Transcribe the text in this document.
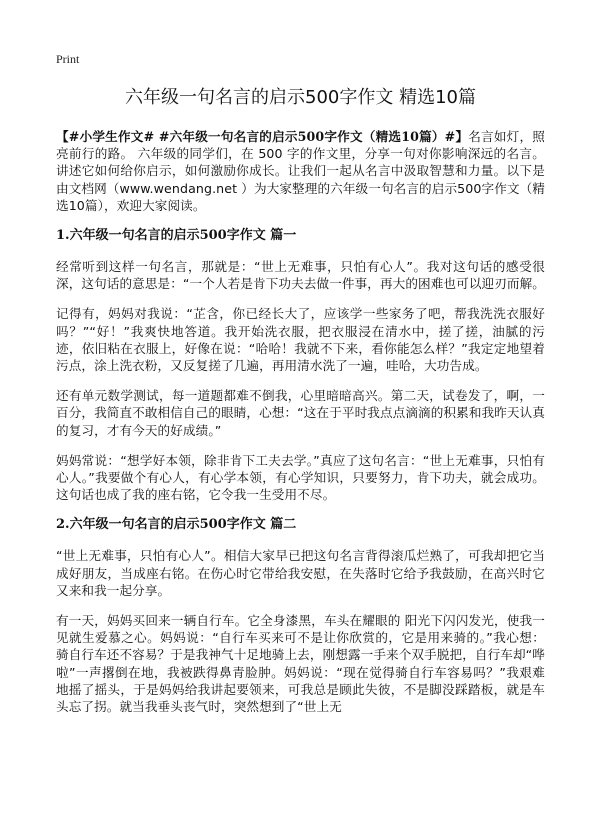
Print
六年级一句名言的启示500字作文 精选10篇

【#小学生作文# #六年级一句名言的启示500字作文（精选10篇）#】名言如灯，照亮前行的路。 六年级的同学们，在 500 字的作文里，分享一句对你影响深远的名言。讲述它如何给你启示，如何激励你成长。让我们一起从名言中汲取智慧和力量。以下是由文档网（www.wendang.net ）为大家整理的六年级一句名言的启示500字作文（精选10篇），欢迎大家阅读。

1.六年级一句名言的启示500字作文 篇一

经常听到这样一句名言，那就是：“世上无难事，只怕有心人”。我对这句话的感受很深，这句话的意思是：“一个人若是肯下功夫去做一件事，再大的困难也可以迎刃而解。

记得有，妈妈对我说：“芷含，你已经长大了，应该学一些家务了吧，帮我洗洗衣服好吗？”“好！”我爽快地答道。我开始洗衣服，把衣服浸在清水中，搓了搓，油腻的污迹，依旧粘在衣服上，好像在说：“哈哈！我就不下来，看你能怎么样？”我定定地望着污点，涂上洗衣粉，又反复搓了几遍，再用清水洗了一遍，哇哈，大功告成。

还有单元数学测试，每一道题都难不倒我，心里暗暗高兴。第二天，试卷发了，啊，一百分，我简直不敢相信自己的眼睛，心想：“这在于平时我点点滴滴的积累和我昨天认真的复习，才有今天的好成绩。”

妈妈常说：“想学好本领，除非肯下工夫去学。”真应了这句名言：“世上无难事，只怕有心人。”我要做个有心人，有心学本领，有心学知识，只要努力，肯下功夫，就会成功。这句话也成了我的座右铭，它令我一生受用不尽。

2.六年级一句名言的启示500字作文 篇二

“世上无难事，只怕有心人”。相信大家早已把这句名言背得滚瓜烂熟了，可我却把它当成好朋友，当成座右铭。在伤心时它带给我安慰，在失落时它给予我鼓励，在高兴时它又来和我一起分享。

有一天，妈妈买回来一辆自行车。它全身漆黑，车头在耀眼的 阳光下闪闪发光，使我一见就生爱慕之心。妈妈说：“自行车买来可不是让你欣赏的，它是用来骑的。”我心想：骑自行车还不容易？于是我神气十足地骑上去，刚想露一手来个双手脱把，自行车却“哗啦”一声撂倒在地，我被跌得鼻青脸肿。妈妈说：“现在觉得骑自行车容易吗？”我艰难地摇了摇头，于是妈妈给我讲起要领来，可我总是顾此失彼，不是脚没踩踏板，就是车头忘了拐。就当我垂头丧气时，突然想到了“世上无
